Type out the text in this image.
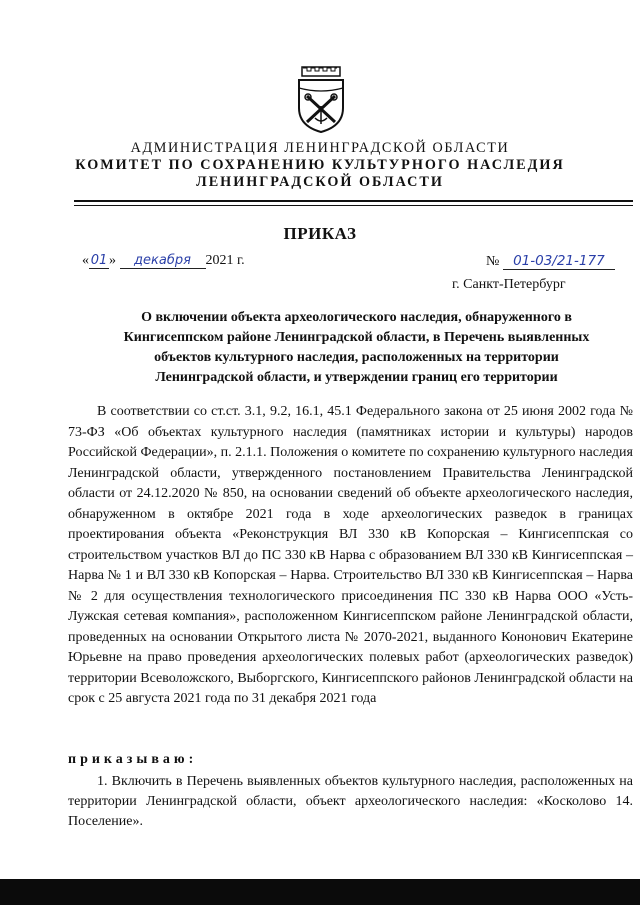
АДМИНИСТРАЦИЯ ЛЕНИНГРАДСКОЙ ОБЛАСТИ
КОМИТЕТ ПО СОХРАНЕНИЮ КУЛЬТУРНОГО НАСЛЕДИЯ
ЛЕНИНГРАДСКОЙ ОБЛАСТИ
ПРИКАЗ
« 01 » декабря 2021 г.	№ 01-03/21-177
г. Санкт-Петербург
О включении объекта археологического наследия, обнаруженного в
Кингисеппском районе Ленинградской области, в Перечень выявленных
объектов культурного наследия, расположенных на территории
Ленинградской области, и утверждении границ его территории

В соответствии со ст.ст. 3.1, 9.2, 16.1, 45.1 Федерального закона от 25 июня 2002 года № 73-ФЗ «Об объектах культурного наследия (памятниках истории и культуры) народов Российской Федерации», п. 2.1.1. Положения о комитете по сохранению культурного наследия Ленинградской области, утвержденного постановлением Правительства Ленинградской области от 24.12.2020 № 850, на основании сведений об объекте археологического наследия, обнаруженном в октябре 2021 года в ходе археологических разведок в границах проектирования объекта «Реконструкция ВЛ 330 кВ Копорская – Кингисеппская со строительством участков ВЛ до ПС 330 кВ Нарва с образованием ВЛ 330 кВ Кингисеппская – Нарва № 1 и ВЛ 330 кВ Копорская – Нарва. Строительство ВЛ 330 кВ Кингисеппская – Нарва № 2 для осуществления технологического присоединения ПС 330 кВ Нарва ООО «Усть-Лужская сетевая компания», расположенном Кингисеппском районе Ленинградской области, проведенных на основании Открытого листа № 2070-2021, выданного Кононович Екатерине Юрьевне на право проведения археологических полевых работ (археологических разведок) территории Всеволожского, Выборгского, Кингисеппского районов Ленинградской области на срок с 25 августа 2021 года по 31 декабря 2021 года

приказываю:

1. Включить в Перечень выявленных объектов культурного наследия, расположенных на территории Ленинградской области, объект археологического наследия: «Косколово 14. Поселение».
